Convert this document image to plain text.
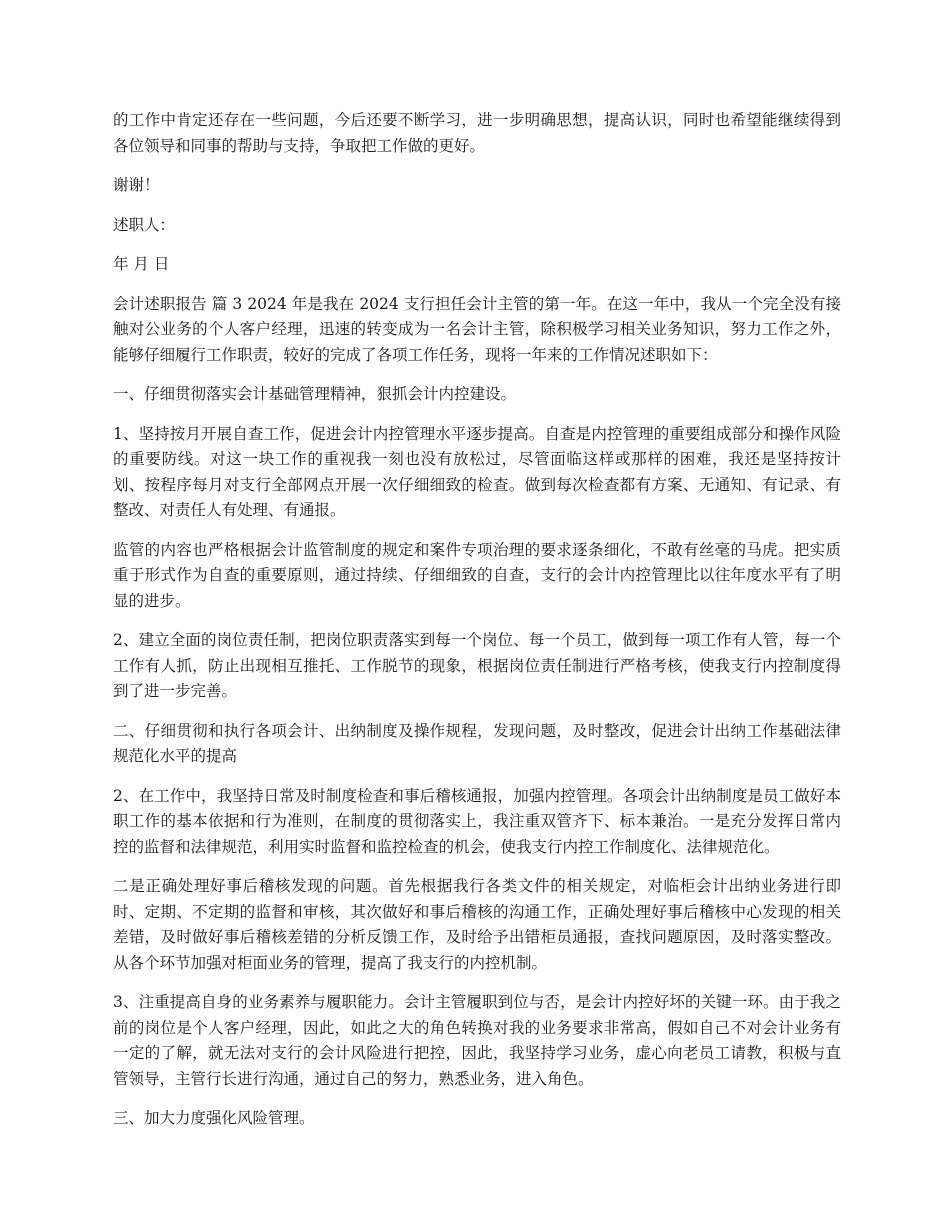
的工作中肯定还存在一些问题，今后还要不断学习，进一步明确思想，提高认识，同时也希望能继续得到各位领导和同事的帮助与支持，争取把工作做的更好。

谢谢！

述职人：

年 月 日

会计述职报告 篇 3 2024 年是我在 2024 支行担任会计主管的第一年。在这一年中，我从一个完全没有接触对公业务的个人客户经理，迅速的转变成为一名会计主管，除积极学习相关业务知识，努力工作之外，能够仔细履行工作职责，较好的完成了各项工作任务，现将一年来的工作情况述职如下：

一、仔细贯彻落实会计基础管理精神，狠抓会计内控建设。

1、坚持按月开展自查工作，促进会计内控管理水平逐步提高。自查是内控管理的重要组成部分和操作风险的重要防线。对这一块工作的重视我一刻也没有放松过，尽管面临这样或那样的困难，我还是坚持按计划、按程序每月对支行全部网点开展一次仔细细致的检查。做到每次检查都有方案、无通知、有记录、有整改、对责任人有处理、有通报。

监管的内容也严格根据会计监管制度的规定和案件专项治理的要求逐条细化，不敢有丝毫的马虎。把实质重于形式作为自查的重要原则，通过持续、仔细细致的自查，支行的会计内控管理比以往年度水平有了明显的进步。

2、建立全面的岗位责任制，把岗位职责落实到每一个岗位、每一个员工，做到每一项工作有人管，每一个工作有人抓，防止出现相互推托、工作脱节的现象，根据岗位责任制进行严格考核，使我支行内控制度得到了进一步完善。

二、仔细贯彻和执行各项会计、出纳制度及操作规程，发现问题，及时整改，促进会计出纳工作基础法律规范化水平的提高

2、在工作中，我坚持日常及时制度检查和事后稽核通报，加强内控管理。各项会计出纳制度是员工做好本职工作的基本依据和行为准则，在制度的贯彻落实上，我注重双管齐下、标本兼治。一是充分发挥日常内控的监督和法律规范，利用实时监督和监控检查的机会，使我支行内控工作制度化、法律规范化。

二是正确处理好事后稽核发现的问题。首先根据我行各类文件的相关规定，对临柜会计出纳业务进行即时、定期、不定期的监督和审核，其次做好和事后稽核的沟通工作，正确处理好事后稽核中心发现的相关差错，及时做好事后稽核差错的分析反馈工作，及时给予出错柜员通报，查找问题原因，及时落实整改。从各个环节加强对柜面业务的管理，提高了我支行的内控机制。

3、注重提高自身的业务素养与履职能力。会计主管履职到位与否，是会计内控好坏的关键一环。由于我之前的岗位是个人客户经理，因此，如此之大的角色转换对我的业务要求非常高，假如自己不对会计业务有一定的了解，就无法对支行的会计风险进行把控，因此，我坚持学习业务，虚心向老员工请教，积极与直管领导，主管行长进行沟通，通过自己的努力，熟悉业务，进入角色。

三、加大力度强化风险管理。
